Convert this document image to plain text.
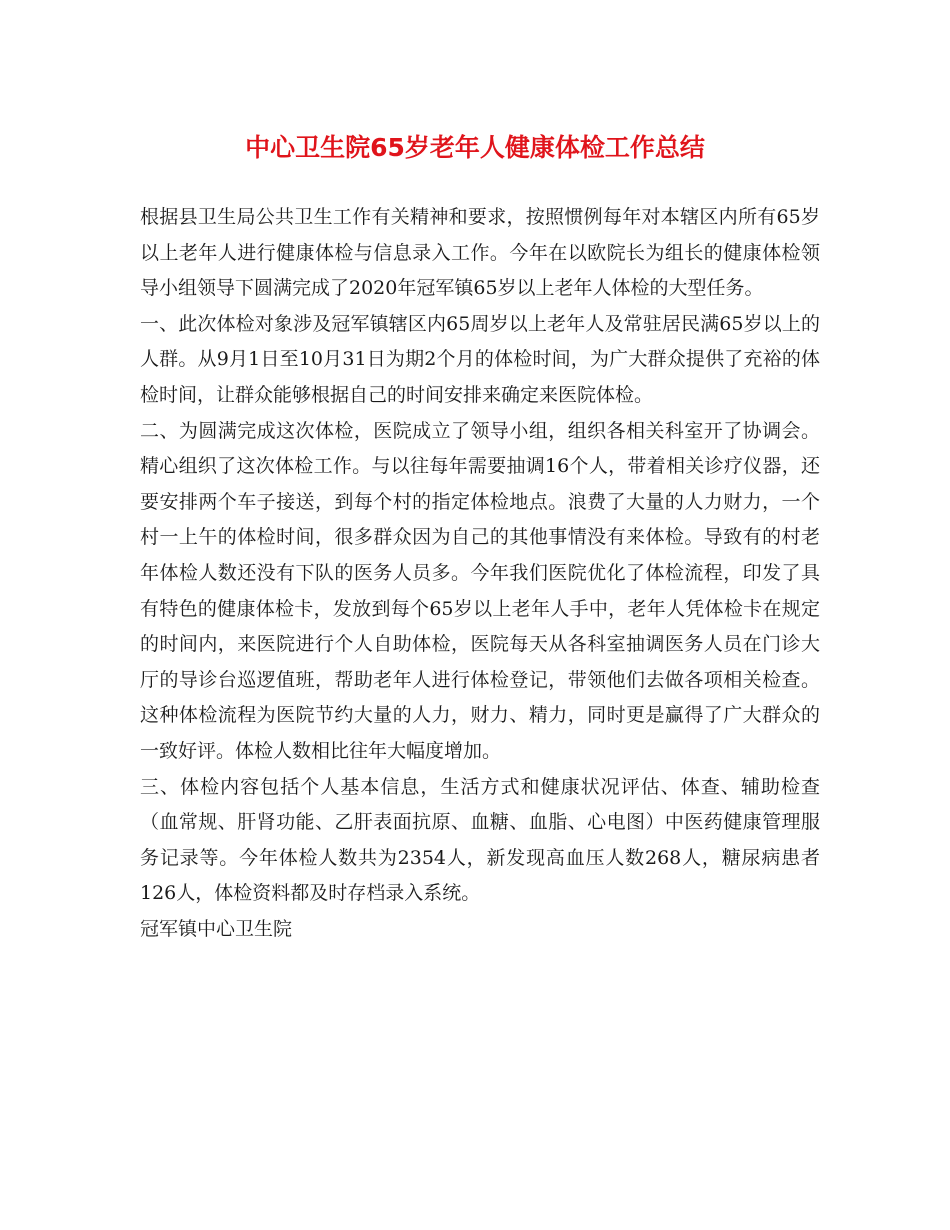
中心卫生院65岁老年人健康体检工作总结

根据县卫生局公共卫生工作有关精神和要求，按照惯例每年对本辖区内所有65岁以上老年人进行健康体检与信息录入工作。今年在以欧院长为组长的健康体检领导小组领导下圆满完成了2020年冠军镇65岁以上老年人体检的大型任务。

一、此次体检对象涉及冠军镇辖区内65周岁以上老年人及常驻居民满65岁以上的人群。从9月1日至10月31日为期2个月的体检时间，为广大群众提供了充裕的体检时间，让群众能够根据自己的时间安排来确定来医院体检。

二、为圆满完成这次体检，医院成立了领导小组，组织各相关科室开了协调会。精心组织了这次体检工作。与以往每年需要抽调16个人，带着相关诊疗仪器，还要安排两个车子接送，到每个村的指定体检地点。浪费了大量的人力财力，一个村一上午的体检时间，很多群众因为自己的其他事情没有来体检。导致有的村老年体检人数还没有下队的医务人员多。今年我们医院优化了体检流程，印发了具有特色的健康体检卡，发放到每个65岁以上老年人手中，老年人凭体检卡在规定的时间内，来医院进行个人自助体检，医院每天从各科室抽调医务人员在门诊大厅的导诊台巡逻值班，帮助老年人进行体检登记，带领他们去做各项相关检查。这种体检流程为医院节约大量的人力，财力、精力，同时更是赢得了广大群众的一致好评。体检人数相比往年大幅度增加。

三、体检内容包括个人基本信息，生活方式和健康状况评估、体查、辅助检查（血常规、肝肾功能、乙肝表面抗原、血糖、血脂、心电图）中医药健康管理服务记录等。今年体检人数共为2354人，新发现高血压人数268人，糖尿病患者126人，体检资料都及时存档录入系统。

冠军镇中心卫生院
